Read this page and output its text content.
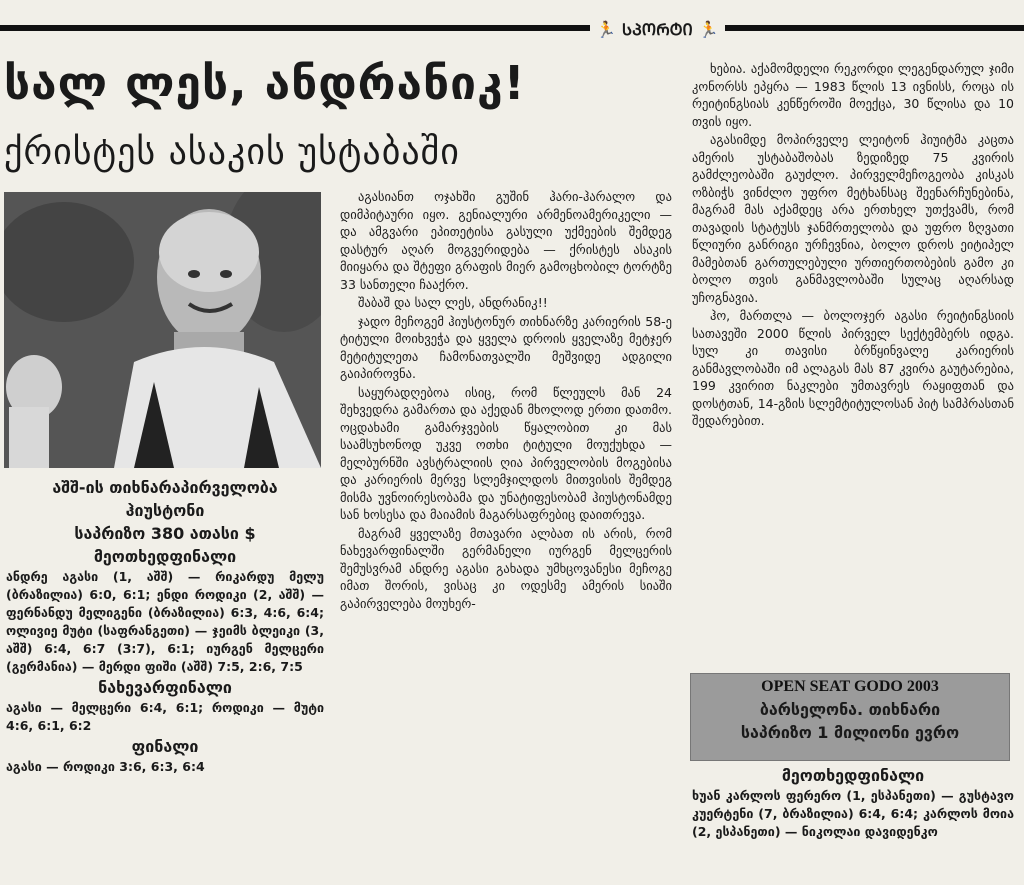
🏃 ᲡᲞᲝᲠᲢᲘ 🏃
სალ ლეს, ანდრანიკ!
ქრისტეს ასაკის უსტაბაში
აშშ-ის თიხნარაპირველობა
ჰიუსტონი
საპრიზო 380 ათასი $
მეოთხედფინალი
ანდრე აგასი (1, აშშ) — რიკარდუ მელუ (ბრაზილია) 6:0, 6:1; ენდი როდიკი (2, აშშ) — ფერნანდუ მელიგენი (ბრაზილია) 6:3, 4:6, 6:4; ოლივიე მუტი (საფრანგეთი) — ჯეიმს ბლეიკი (3, აშშ) 6:4, 6:7 (3:7), 6:1; იურგენ მელცერი (გერმანია) — მერდი ფიში (აშშ) 7:5, 2:6, 7:5
ნახევარფინალი
აგასი — მელცერი 6:4, 6:1; როდიკი — მუტი 4:6, 6:1, 6:2
ფინალი
აგასი — როდიკი 3:6, 6:3, 6:4

აგასიანთ ოჯახში გუშინ ჰარი-ჰარალო და დიმპიტაური იყო. გენიალური არმენოამერიკელი — და ამგვარი ეპითეტისა გასული უქმეების შემდეგ დასტურ აღარ მოგვერიდება — ქრისტეს ასაკის მიიყარა და შტეფი გრაფის მიერ გამოცხობილ ტორტზე 33 სანთელი ჩააქრო.

შაბაშ და სალ ლეს, ანდრანიკ!!

ჯადო მეჩოგემ ჰიუსტონურ თიხნარზე კარიერის 58-ე ტიტული მოიხვეჭა და ყველა დროის ყველაზე მეტჯერ მეტიტულეთა ჩამონათვალში მეშვიდე ადგილი გაიპიროვნა.

საყურადღებოა ისიც, რომ წლეულს მან 24 შეხვედრა გამართა და აქედან მხოლოდ ერთი დათმო. ოცდახამი გამარჯვების წყალობით კი მას საამსუხონოდ უკვე ოთხი ტიტული მოუქუხდა — მელბურნში ავსტრალიის ღია პირველობის მოგებისა და კარიერის მერვე სლემჯილდოს მითვისის შემდეგ მისმა უვნოირესობამა და უნატიფესობამ ჰიუსტონამდე სან ხოსესა და მაიამის მაგარსაფრებიც დაითრევა.

მაგრამ ყველაზე მთავარი ალბათ ის არის, რომ ნახევარფინალში გერმანელი იურგენ მელცერის შემუსვრამ ანდრე აგასი გახადა უმხცოვანესი მეჩოგე იმათ შორის, ვისაც კი ოდესმე ამერის სიაში გაპირველება მოუხერ-

ხებია. აქამომდელი რეკორდი ლეგენდარულ ჯიმი კონორსს ეპყრა — 1983 წლის 13 ივნისს, როცა ის რეიტინგსიას კენწეროში მოექცა, 30 წლისა და 10 თვის იყო.

აგასიმდე მოპირველე ლეიტონ ჰიუიტმა კაცთა ამერის უსტაბაშობას ზედიზედ 75 კვირის გამძლეობაში გაუძლო. პირველმეჩოგეობა კისკას ოზბიჭს ვინძლო უფრო მეტხანსაც შეენარჩუნებინა, მაგრამ მას აქამდეც არა ერთხელ უთქვამს, რომ თავადის სტატუსს ჯანმრთელობა და უფრო ზღვათი წლიური განრიგი ურჩევნია, ბოლო დროს ეიტიპელ მამებთან გართულებული ურთიერთობების გამო კი ბოლო თვის განმავლობაში სულაც აღარსად უჩოგნავია.

ჰო, მართლა — ბოლოჯერ აგასი რეიტინგსიის სათავეში 2000 წლის პირველ სექტემბერს იდგა. სულ კი თავისი ბრწყინვალე კარიერის განმავლობაში იმ ალაგას მას 87 კვირა გაუტარებია, 199 კვირით ნაკლები უმთავრეს რაყიფთან და დოსტთან, 14-გზის სლემტიტულოსან პიტ სამპრასთან შედარებით.

OPEN SEAT GODO 2003
ბარსელონა. თიხნარი
საპრიზო 1 მილიონი ევრო
მეოთხედფინალი
ხუან კარლოს ფერერო (1, ესპანეთი) — გუსტავო კუერტენი (7, ბრაზილია) 6:4, 6:4; კარლოს მოია (2, ესპანეთი) — ნიკოლაი დავიდენკო
